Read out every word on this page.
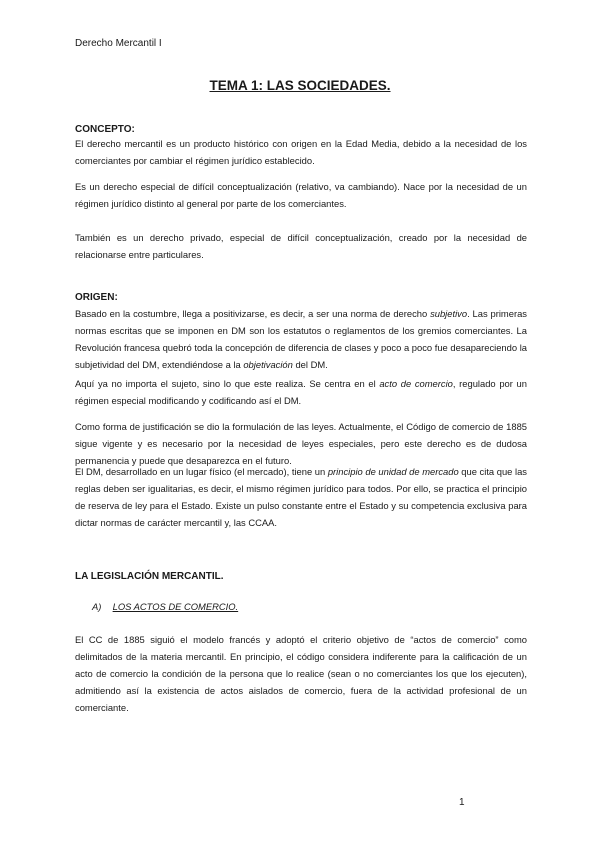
Derecho Mercantil I
TEMA 1: LAS SOCIEDADES.
CONCEPTO:

El derecho mercantil es un producto histórico con origen en la Edad Media, debido a la necesidad de los comerciantes por cambiar el régimen jurídico establecido.

Es un derecho especial de difícil conceptualización (relativo, va cambiando). Nace por la necesidad de un régimen jurídico distinto al general por parte de los comerciantes.

También es un derecho privado, especial de difícil conceptualización, creado por la necesidad de relacionarse entre particulares.

ORIGEN:

Basado en la costumbre, llega a positivizarse, es decir, a ser una norma de derecho subjetivo. Las primeras normas escritas que se imponen en DM son los estatutos o reglamentos de los gremios comerciantes. La Revolución francesa quebró toda la concepción de diferencia de clases y poco a poco fue desapareciendo la subjetividad del DM, extendiéndose a la objetivación del DM.

Aquí ya no importa el sujeto, sino lo que este realiza. Se centra en el acto de comercio, regulado por un régimen especial modificando y codificando así el DM.

Como forma de justificación se dio la formulación de las leyes. Actualmente, el Código de comercio de 1885 sigue vigente y es necesario por la necesidad de leyes especiales, pero este derecho es de dudosa permanencia y puede que desaparezca en el futuro.

El DM, desarrollado en un lugar físico (el mercado), tiene un principio de unidad de mercado que cita que las reglas deben ser igualitarias, es decir, el mismo régimen jurídico para todos. Por ello, se practica el principio de reserva de ley para el Estado. Existe un pulso constante entre el Estado y su competencia exclusiva para dictar normas de carácter mercantil y, las CCAA.

LA LEGISLACIÓN MERCANTIL.
A) LOS ACTOS DE COMERCIO.

El CC de 1885 siguió el modelo francés y adoptó el criterio objetivo de “actos de comercio” como delimitados de la materia mercantil. En principio, el código considera indiferente para la calificación de un acto de comercio la condición de la persona que lo realice (sean o no comerciantes los que los ejecuten), admitiendo así la existencia de actos aislados de comercio, fuera de la actividad profesional de un comerciante.

1
